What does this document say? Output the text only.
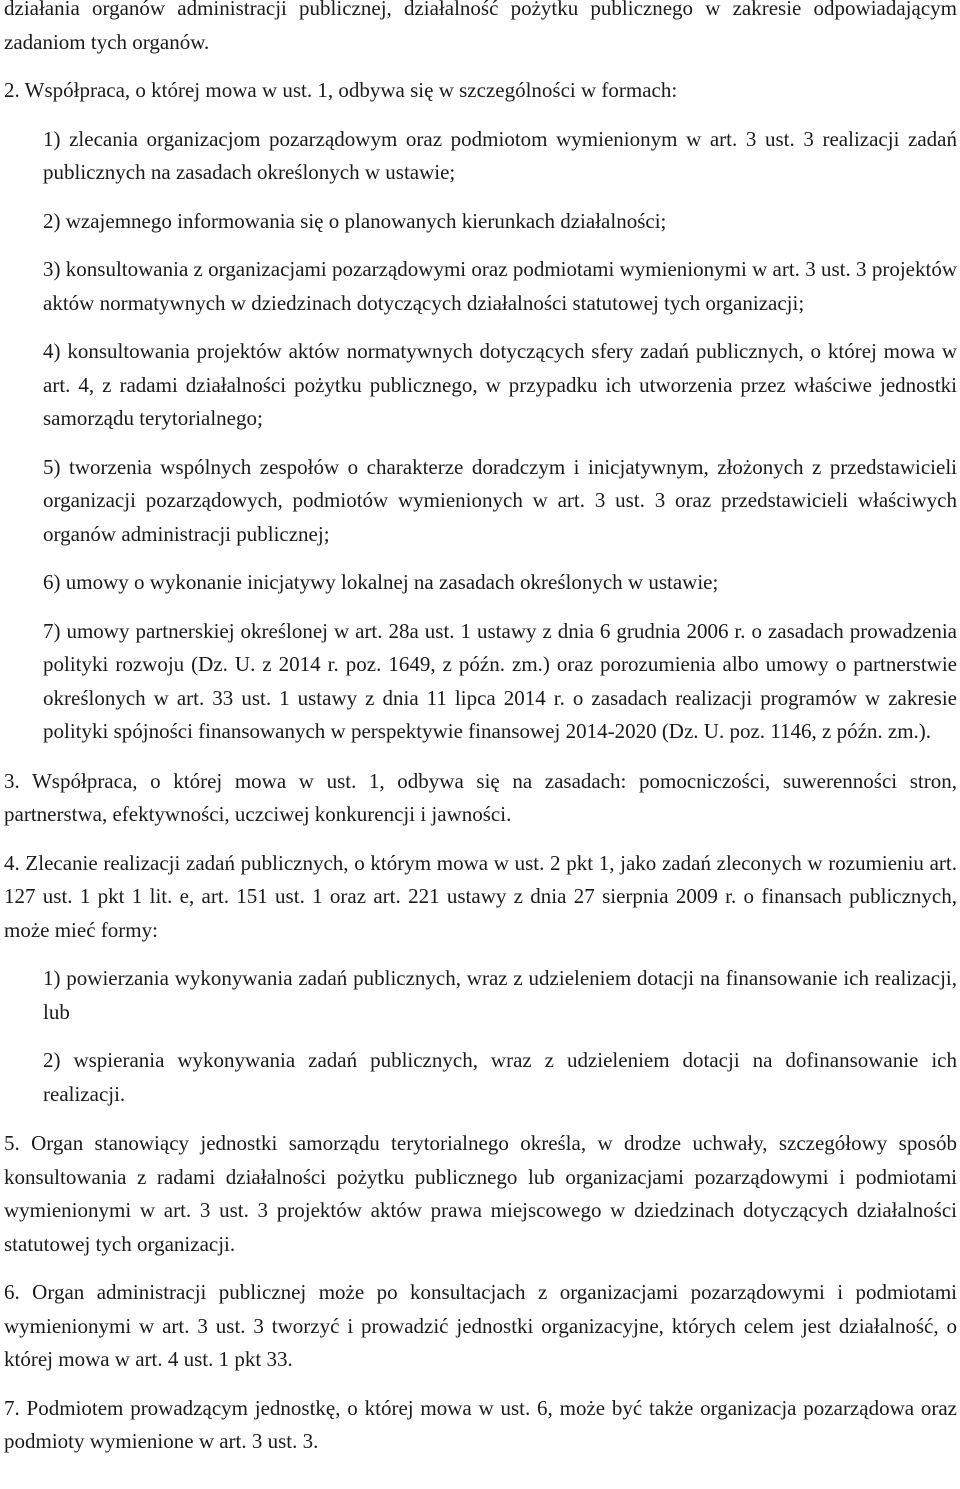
działania organów administracji publicznej, działalność pożytku publicznego w zakresie odpowiadającym zadaniom tych organów.

2. Współpraca, o której mowa w ust. 1, odbywa się w szczególności w formach:

1) zlecania organizacjom pozarządowym oraz podmiotom wymienionym w art. 3 ust. 3 realizacji zadań publicznych na zasadach określonych w ustawie;

2) wzajemnego informowania się o planowanych kierunkach działalności;

3) konsultowania z organizacjami pozarządowymi oraz podmiotami wymienionymi w art. 3 ust. 3 projektów aktów normatywnych w dziedzinach dotyczących działalności statutowej tych organizacji;

4) konsultowania projektów aktów normatywnych dotyczących sfery zadań publicznych, o której mowa w art. 4, z radami działalności pożytku publicznego, w przypadku ich utworzenia przez właściwe jednostki samorządu terytorialnego;

5) tworzenia wspólnych zespołów o charakterze doradczym i inicjatywnym, złożonych z przedstawicieli organizacji pozarządowych, podmiotów wymienionych w art. 3 ust. 3 oraz przedstawicieli właściwych organów administracji publicznej;

6) umowy o wykonanie inicjatywy lokalnej na zasadach określonych w ustawie;

7) umowy partnerskiej określonej w art. 28a ust. 1 ustawy z dnia 6 grudnia 2006 r. o zasadach prowadzenia polityki rozwoju (Dz. U. z 2014 r. poz. 1649, z późn. zm.) oraz porozumienia albo umowy o partnerstwie określonych w art. 33 ust. 1 ustawy z dnia 11 lipca 2014 r. o zasadach realizacji programów w zakresie polityki spójności finansowanych w perspektywie finansowej 2014-2020 (Dz. U. poz. 1146, z późn. zm.).

3. Współpraca, o której mowa w ust. 1, odbywa się na zasadach: pomocniczości, suwerenności stron, partnerstwa, efektywności, uczciwej konkurencji i jawności.

4. Zlecanie realizacji zadań publicznych, o którym mowa w ust. 2 pkt 1, jako zadań zleconych w rozumieniu art. 127 ust. 1 pkt 1 lit. e, art. 151 ust. 1 oraz art. 221 ustawy z dnia 27 sierpnia 2009 r. o finansach publicznych, może mieć formy:

1) powierzania wykonywania zadań publicznych, wraz z udzieleniem dotacji na finansowanie ich realizacji, lub

2) wspierania wykonywania zadań publicznych, wraz z udzieleniem dotacji na dofinansowanie ich realizacji.

5. Organ stanowiący jednostki samorządu terytorialnego określa, w drodze uchwały, szczegółowy sposób konsultowania z radami działalności pożytku publicznego lub organizacjami pozarządowymi i podmiotami wymienionymi w art. 3 ust. 3 projektów aktów prawa miejscowego w dziedzinach dotyczących działalności statutowej tych organizacji.

6. Organ administracji publicznej może po konsultacjach z organizacjami pozarządowymi i podmiotami wymienionymi w art. 3 ust. 3 tworzyć i prowadzić jednostki organizacyjne, których celem jest działalność, o której mowa w art. 4 ust. 1 pkt 33.

7. Podmiotem prowadzącym jednostkę, o której mowa w ust. 6, może być także organizacja pozarządowa oraz podmioty wymienione w art. 3 ust. 3.
